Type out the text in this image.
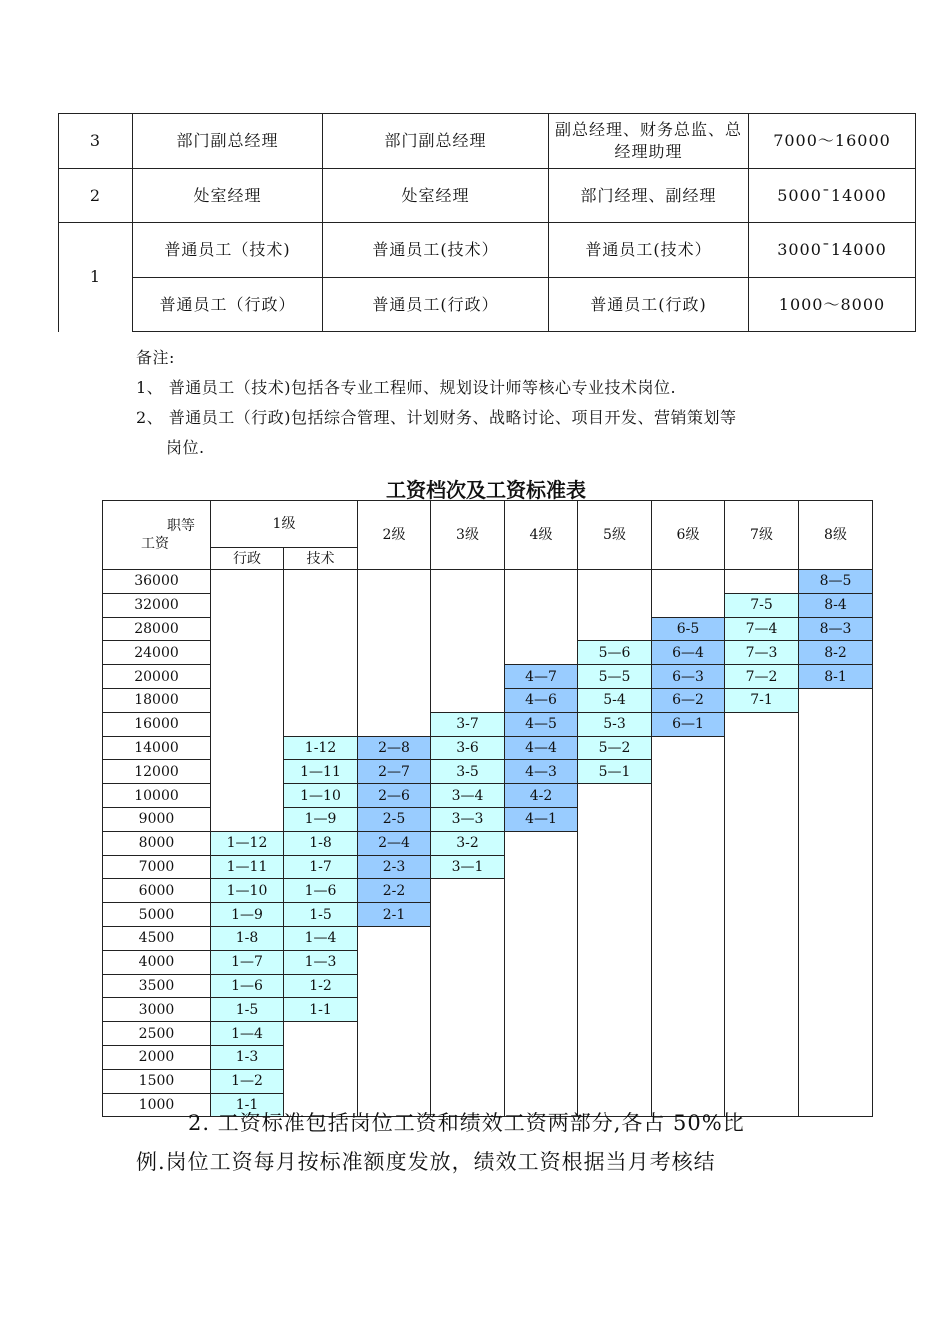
3	部门副总经理	部门副总经理	副总经理、财务总监、总经理助理	7000～16000
2	处室经理	处室经理	部门经理、副经理	5000¯14000
1	普通员工（技术)	普通员工(技术）	普通员工(技术）	3000¯14000
	普通员工（行政）	普通员工(行政）	普通员工(行政)	1000～8000
备注:
1、 普通员工（技术)包括各专业工程师、规划设计师等核心专业技术岗位.
2、 普通员工（行政)包括综合管理、计划财务、战略讨论、项目开发、营销策划等
岗位.
工资档次及工资标准表
职等
工资	1级		2级	3级	4级	5级	6级	7级	8级
	行政	技术							
36000									8—5
32000								7-5	8-4
28000							6-5	7—4	8—3
24000						5—6	6—4	7—3	8-2
20000					4—7	5—5	6—3	7—2	8-1
18000					4—6	5-4	6—2	7-1	
16000				3-7	4—5	5-3	6—1		
14000		1-12	2—8	3-6	4—4	5—2			
12000		1—11	2—7	3-5	4—3	5—1			
10000		1—10	2—6	3—4	4-2				
9000		1—9	2-5	3—3	4—1				
8000	1—12	1-8	2—4	3-2					
7000	1—11	1-7	2-3	3—1					
6000	1—10	1—6	2-2						
5000	1—9	1-5	2-1						
4500	1-8	1—4							
4000	1—7	1—3							
3500	1—6	1-2							
3000	1-5	1-1							
2500	1—4								
2000	1-3								
1500	1—2								
1000	1-1								
2. 工资标准包括岗位工资和绩效工资两部分,各占 50%比
例.岗位工资每月按标准额度发放，绩效工资根据当月考核结
